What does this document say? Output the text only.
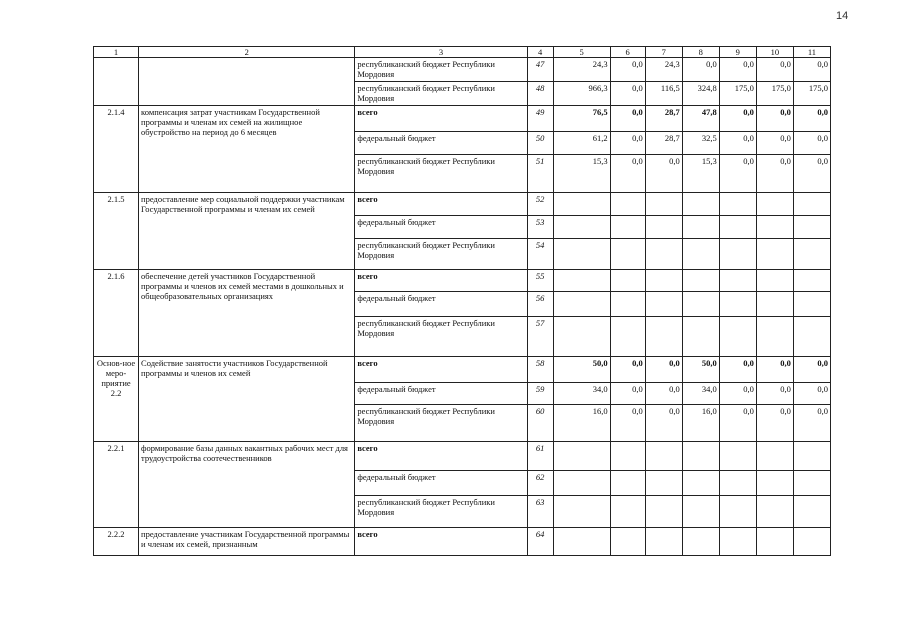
14
1	2	3	4	5	6	7	8	9	10	11
		республиканский бюджет Республики Мордовия	47	24,3	0,0	24,3	0,0	0,0	0,0	0,0
		республиканский бюджет Республики Мордовия	48	966,3	0,0	116,5	324,8	175,0	175,0	175,0
2.1.4	компенсация затрат участникам Государственной программы и членам их семей на жилищное обустройство на период до 6 месяцев	всего	49	76,5	0,0	28,7	47,8	0,0	0,0	0,0
		федеральный бюджет	50	61,2	0,0	28,7	32,5	0,0	0,0	0,0
		республиканский бюджет Республики Мордовия	51	15,3	0,0	0,0	15,3	0,0	0,0	0,0
2.1.5	предоставление мер социальной поддержки участникам Государственной программы и членам их семей	всего	52							
		федеральный бюджет	53							
		республиканский бюджет Республики Мордовия	54							
2.1.6	обеспечение детей участников Государственной программы и членов их семей местами в дошкольных и общеобразовательных организациях	всего	55							
		федеральный бюджет	56							
		республиканский бюджет Республики Мордовия	57							
Основ-ное меро-приятие 2.2	Содействие занятости участников Государственной программы и членов их семей	всего	58	50,0	0,0	0,0	50,0	0,0	0,0	0,0
		федеральный бюджет	59	34,0	0,0	0,0	34,0	0,0	0,0	0,0
		республиканский бюджет Республики Мордовия	60	16,0	0,0	0,0	16,0	0,0	0,0	0,0
2.2.1	формирование базы данных вакантных рабочих мест для трудоустройства соотечественников	всего	61							
		федеральный бюджет	62							
		республиканский бюджет Республики Мордовия	63							
2.2.2	предоставление участникам Государственной программы и членам их семей, признанным	всего	64							
